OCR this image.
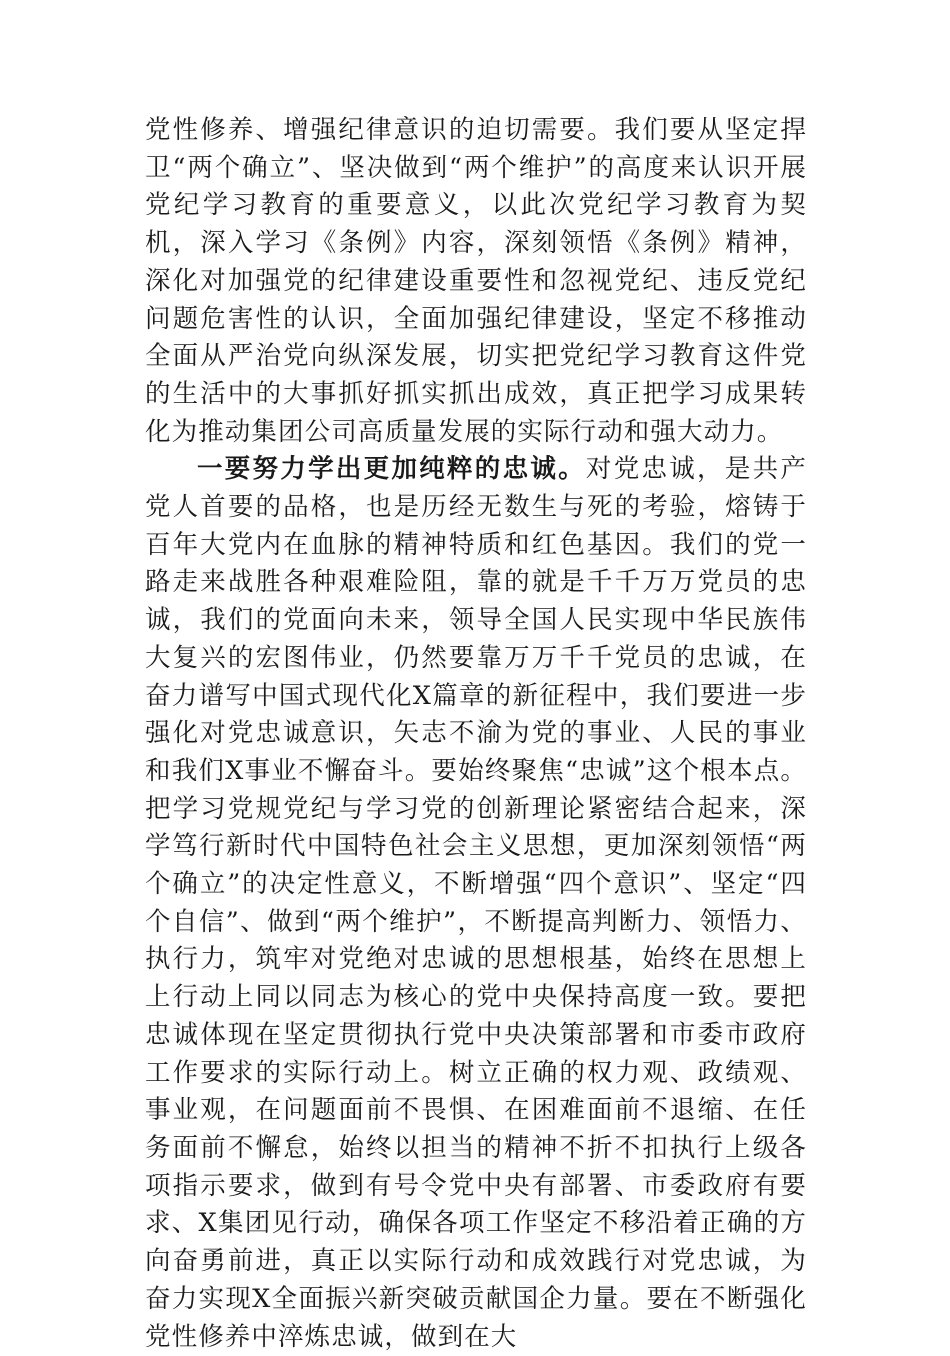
党性修养、增强纪律意识的迫切需要。我们要从坚定捍卫“两个确立”、坚决做到“两个维护”的高度来认识开展党纪学习教育的重要意义，以此次党纪学习教育为契机，深入学习《条例》内容，深刻领悟《条例》精神，深化对加强党的纪律建设重要性和忽视党纪、违反党纪问题危害性的认识，全面加强纪律建设，坚定不移推动全面从严治党向纵深发展，切实把党纪学习教育这件党的生活中的大事抓好抓实抓出成效，真正把学习成果转化为推动集团公司高质量发展的实际行动和强大动力。

一要努力学出更加纯粹的忠诚。对党忠诚，是共产党人首要的品格，也是历经无数生与死的考验，熔铸于百年大党内在血脉的精神特质和红色基因。我们的党一路走来战胜各种艰难险阻，靠的就是千千万万党员的忠诚，我们的党面向未来，领导全国人民实现中华民族伟大复兴的宏图伟业，仍然要靠万万千千党员的忠诚，在奋力谱写中国式现代化X篇章的新征程中，我们要进一步强化对党忠诚意识，矢志不渝为党的事业、人民的事业和我们X事业不懈奋斗。要始终聚焦“忠诚”这个根本点。把学习党规党纪与学习党的创新理论紧密结合起来，深学笃行新时代中国特色社会主义思想，更加深刻领悟“两个确立”的决定性意义，不断增强“四个意识”、坚定“四个自信”、做到“两个维护”，不断提高判断力、领悟力、执行力，筑牢对党绝对忠诚的思想根基，始终在思想上上行动上同以同志为核心的党中央保持高度一致。要把忠诚体现在坚定贯彻执行党中央决策部署和市委市政府工作要求的实际行动上。树立正确的权力观、政绩观、事业观，在问题面前不畏惧、在困难面前不退缩、在任务面前不懈怠，始终以担当的精神不折不扣执行上级各项指示要求，做到有号令党中央有部署、市委政府有要求、X集团见行动，确保各项工作坚定不移沿着正确的方向奋勇前进，真正以实际行动和成效践行对党忠诚，为奋力实现X全面振兴新突破贡献国企力量。要在不断强化党性修养中淬炼忠诚，做到在大
